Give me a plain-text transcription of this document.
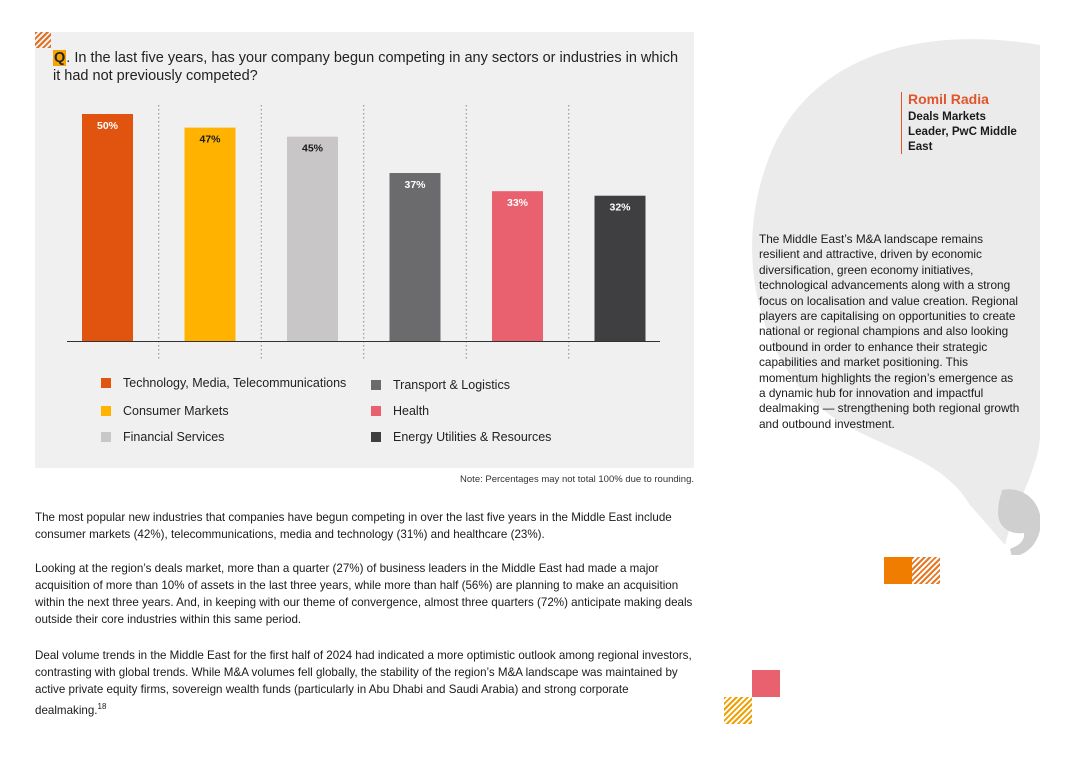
Q. In the last five years, has your company begun competing in any sectors or industries in which it had not previously competed?
50%
47%
45%
37%
33%	32%
Technology, Media, Telecommunications
Consumer Markets
Financial Services
Transport & Logistics
Health
Energy Utilities & Resources
Note: Percentages may not total 100% due to rounding.
The most popular new industries that companies have begun competing in over the last five years in the Middle East include consumer markets (42%), telecommunications, media and technology (31%) and healthcare (23%).
Looking at the region’s deals market, more than a quarter (27%) of business leaders in the Middle East had made a major acquisition of more than 10% of assets in the last three years, while more than half (56%) are planning to make an acquisition within the next three years. And, in keeping with our theme of convergence, almost three quarters (72%) anticipate making deals outside their core industries within this same period.
Deal volume trends in the Middle East for the first half of 2024 had indicated a more optimistic outlook among regional investors, contrasting with global trends. While M&A volumes fell globally, the stability of the region’s M&A landscape was maintained by active private equity firms, sovereign wealth funds (particularly in Abu Dhabi and Saudi Arabia) and strong corporate dealmaking.$^{18}$
Romil Radia
Deals Markets Leader, PwC Middle East
The Middle East’s M&A landscape remains resilient and attractive, driven by economic diversification, green economy initiatives, technological advancements along with a strong focus on localisation and value creation. Regional players are capitalising on opportunities to create national or regional champions and also looking outbound in order to enhance their strategic capabilities and market positioning. This momentum highlights the region’s emergence as a dynamic hub for innovation and impactful dealmaking — strengthening both regional growth and outbound investment.
